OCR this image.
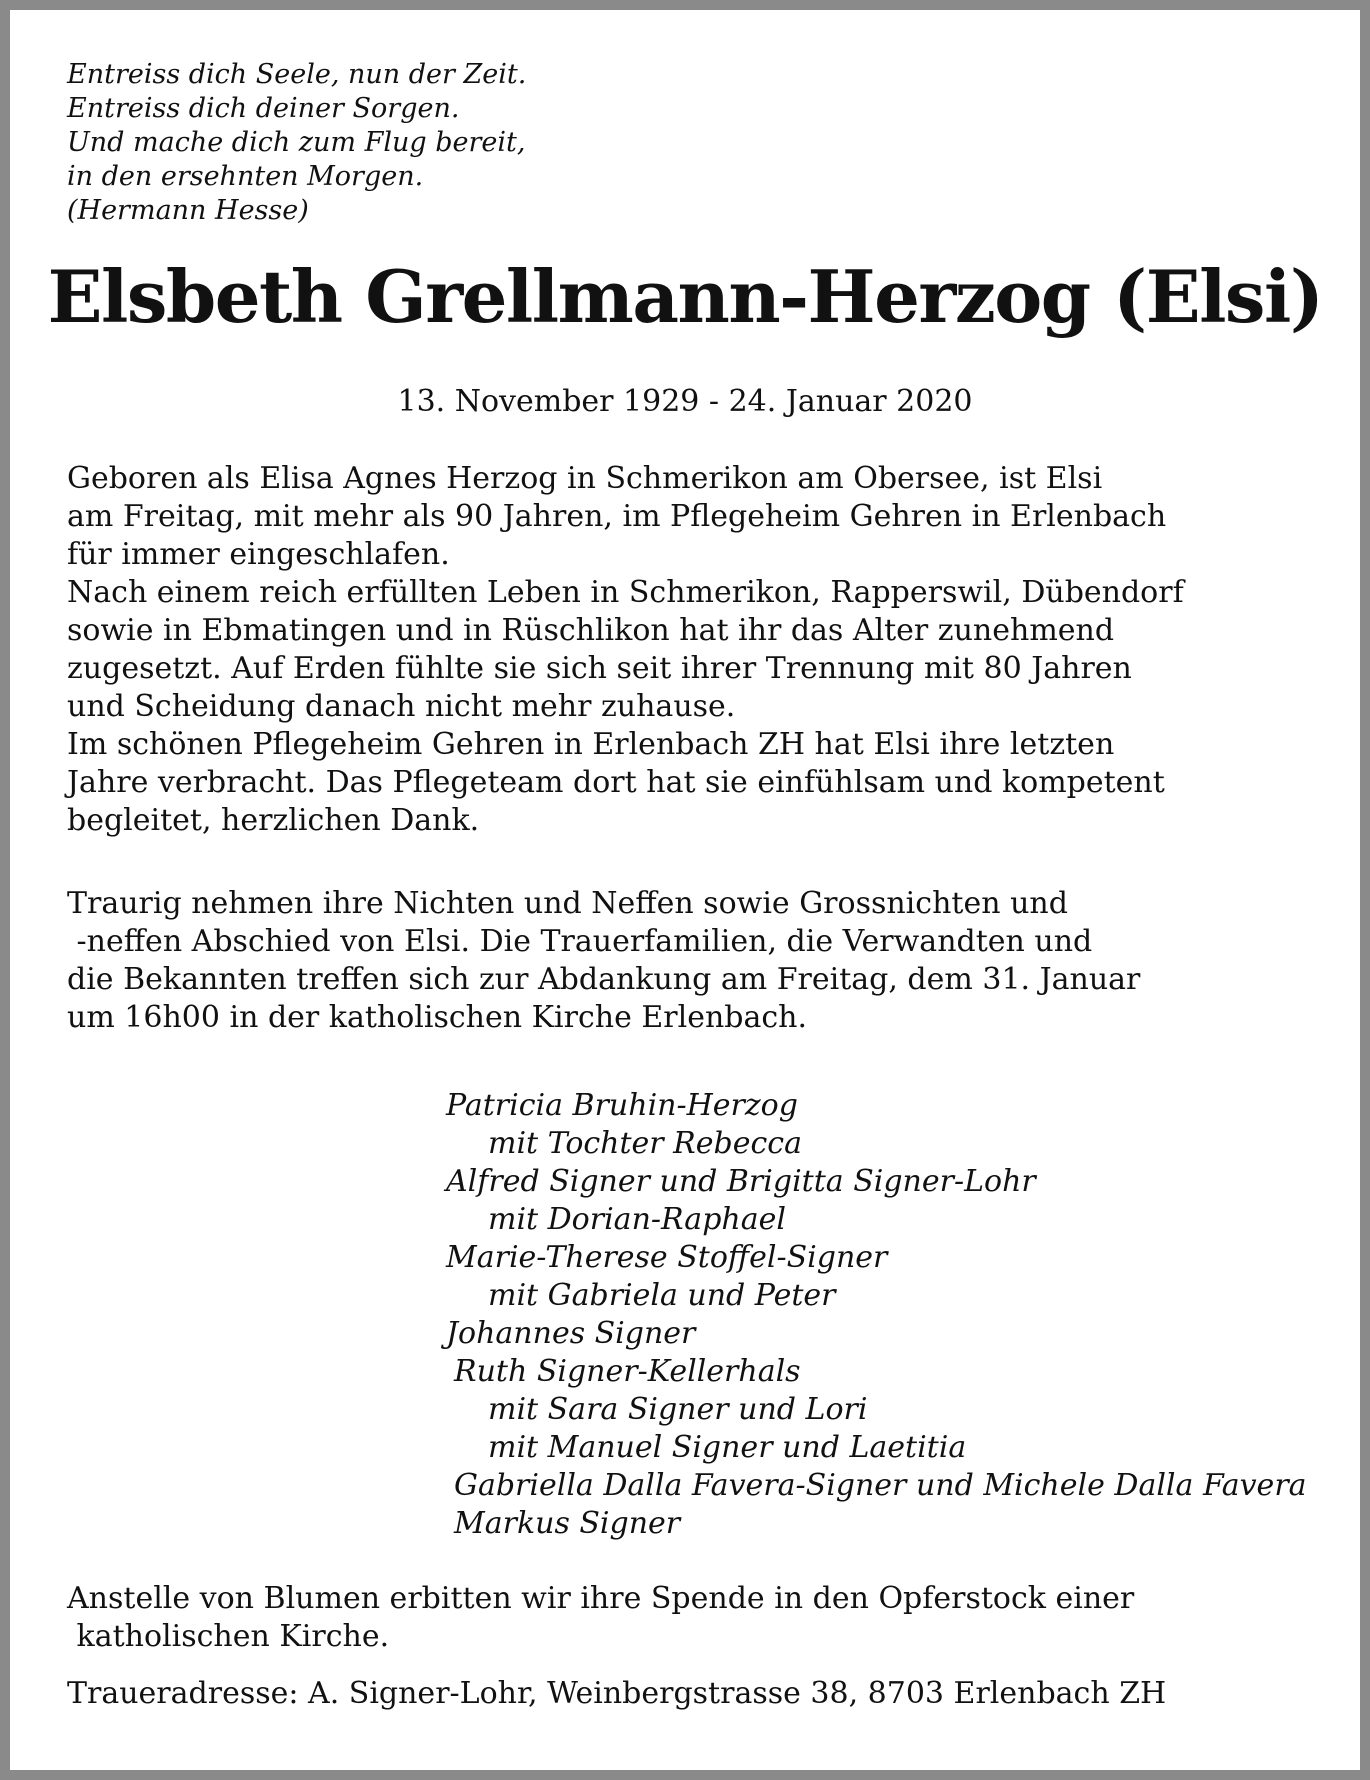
Entreiss dich Seele, nun der Zeit.
Entreiss dich deiner Sorgen.
Und mache dich zum Flug bereit,
in den ersehnten Morgen.
(Hermann Hesse)
Elsbeth Grellmann-Herzog (Elsi)
13. November 1929 - 24. Januar 2020
Geboren als Elisa Agnes Herzog in Schmerikon am Obersee, ist Elsi
am Freitag, mit mehr als 90 Jahren, im Pflegeheim Gehren in Erlenbach
für immer eingeschlafen.
Nach einem reich erfüllten Leben in Schmerikon, Rapperswil, Dübendorf
sowie in Ebmatingen und in Rüschlikon hat ihr das Alter zunehmend
zugesetzt. Auf Erden fühlte sie sich seit ihrer Trennung mit 80 Jahren
und Scheidung danach nicht mehr zuhause.
Im schönen Pflegeheim Gehren in Erlenbach ZH hat Elsi ihre letzten
Jahre verbracht. Das Pflegeteam dort hat sie einfühlsam und kompetent
begleitet, herzlichen Dank.
Traurig nehmen ihre Nichten und Neffen sowie Grossnichten und
-neffen Abschied von Elsi. Die Trauerfamilien, die Verwandten und
die Bekannten treffen sich zur Abdankung am Freitag, dem 31. Januar
um 16h00 in der katholischen Kirche Erlenbach.
Patricia Bruhin-Herzog
mit Tochter Rebecca
Alfred Signer und Brigitta Signer-Lohr
mit Dorian-Raphael
Marie-Therese Stoffel-Signer
mit Gabriela und Peter
Johannes Signer
Ruth Signer-Kellerhals
mit Sara Signer und Lori
mit Manuel Signer und Laetitia
Gabriella Dalla Favera-Signer und Michele Dalla Favera
Markus Signer
Anstelle von Blumen erbitten wir ihre Spende in den Opferstock einer
katholischen Kirche.
Traueradresse: A. Signer-Lohr, Weinbergstrasse 38, 8703 Erlenbach ZH
